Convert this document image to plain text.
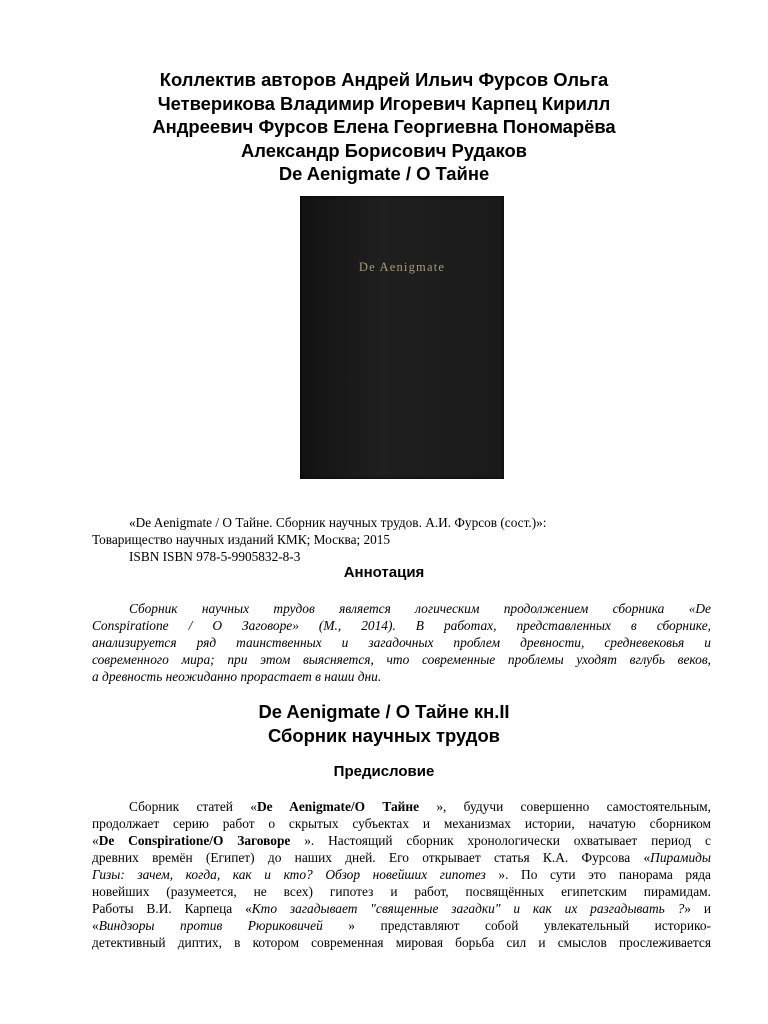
Коллектив авторов Андрей Ильич Фурсов Ольга
Четверикова Владимир Игоревич Карпец Кирилл
Андреевич Фурсов Елена Георгиевна Пономарёва
Александр Борисович Рудаков
De Aenigmate / О Тайне
De Aenigmate
«De Aenigmate / О Тайне. Сборник научных трудов. А.И. Фурсов (сост.)»:
Товарищество научных изданий КМК; Москва; 2015
ISBN ISBN 978-5-9905832-8-3
Аннотация
Сборник научных трудов является логическим продолжением сборника «De
Conspiratione / О Заговоре» (М., 2014). В работах, представленных в сборнике,
анализируется ряд таинственных и загадочных проблем древности, средневековья и
современного мира; при этом выясняется, что современные проблемы уходят вглубь веков,
а древность неожиданно прорастает в наши дни.
De Aenigmate / О Тайне кн.II
Сборник научных трудов
Предисловие
Сборник статей «De Aenigmate/О Тайне », будучи совершенно самостоятельным,
продолжает серию работ о скрытых субъектах и механизмах истории, начатую сборником
«De Conspiratione/О Заговоре ». Настоящий сборник хронологически охватывает период с
древних времён (Египет) до наших дней. Его открывает статья К.А. Фурсова «Пирамиды
Гизы: зачем, когда, как и кто? Обзор новейших гипотез ». По сути это панорама ряда
новейших (разумеется, не всех) гипотез и работ, посвящённых египетским пирамидам.
Работы В.И. Карпеца «Кто загадывает "священные загадки" и как их разгадывать ?» и
«Виндзоры против Рюриковичей » представляют собой увлекательный историко-
детективный диптих, в котором современная мировая борьба сил и смыслов прослеживается
